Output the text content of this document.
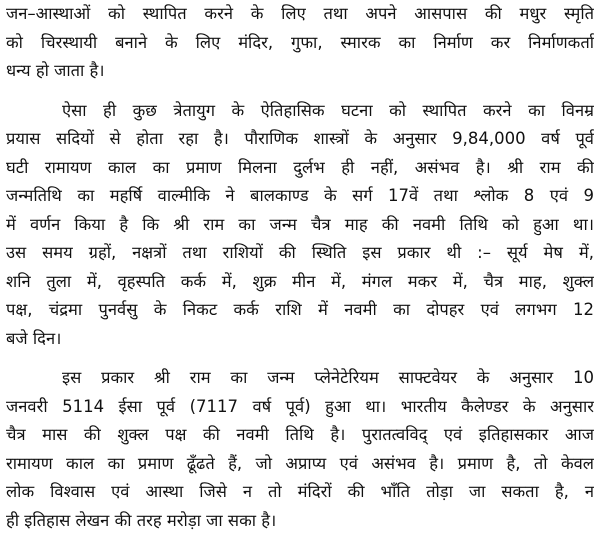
जन–आस्थाओं को स्थापित करने के लिए तथा अपने आसपास की मधुर स्मृति
को चिरस्थायी बनाने के लिए मंदिर, गुफा, स्मारक का निर्माण कर निर्माणकर्ता
धन्य हो जाता है।
ऐसा ही कुछ त्रेतायुग के ऐतिहासिक घटना को स्थापित करने का विनम्र
प्रयास सदियों से होता रहा है। पौराणिक शास्त्रों के अनुसार 9,84,000 वर्ष पूर्व
घटी रामायण काल का प्रमाण मिलना दुर्लभ ही नहीं, असंभव है। श्री राम की
जन्मतिथि का महर्षि वाल्मीकि ने बालकाण्ड के सर्ग 17वें तथा श्लोक 8 एवं 9
में वर्णन किया है कि श्री राम का जन्म चैत्र माह की नवमी तिथि को हुआ था।
उस समय ग्रहों, नक्षत्रों तथा राशियों की स्थिति इस प्रकार थी :– सूर्य मेष में,
शनि तुला में, वृहस्पति कर्क में, शुक्र मीन में, मंगल मकर में, चैत्र माह, शुक्ल
पक्ष, चंद्रमा पुनर्वसु के निकट कर्क राशि में नवमी का दोपहर एवं लगभग 12
बजे दिन।
इस प्रकार श्री राम का जन्म प्लेनेटेरियम साफ्टवेयर के अनुसार 10
जनवरी 5114 ईसा पूर्व (7117 वर्ष पूर्व) हुआ था। भारतीय कैलेण्डर के अनुसार
चैत्र मास की शुक्ल पक्ष की नवमी तिथि है। पुरातत्वविद् एवं इतिहासकार आज
रामायण काल का प्रमाण ढूँढते हैं, जो अप्राप्य एवं असंभव है। प्रमाण है, तो केवल
लोक विश्वास एवं आस्था जिसे न तो मंदिरों की भाँति तोड़ा जा सकता है, न
ही इतिहास लेखन की तरह मरोड़ा जा सका है।
